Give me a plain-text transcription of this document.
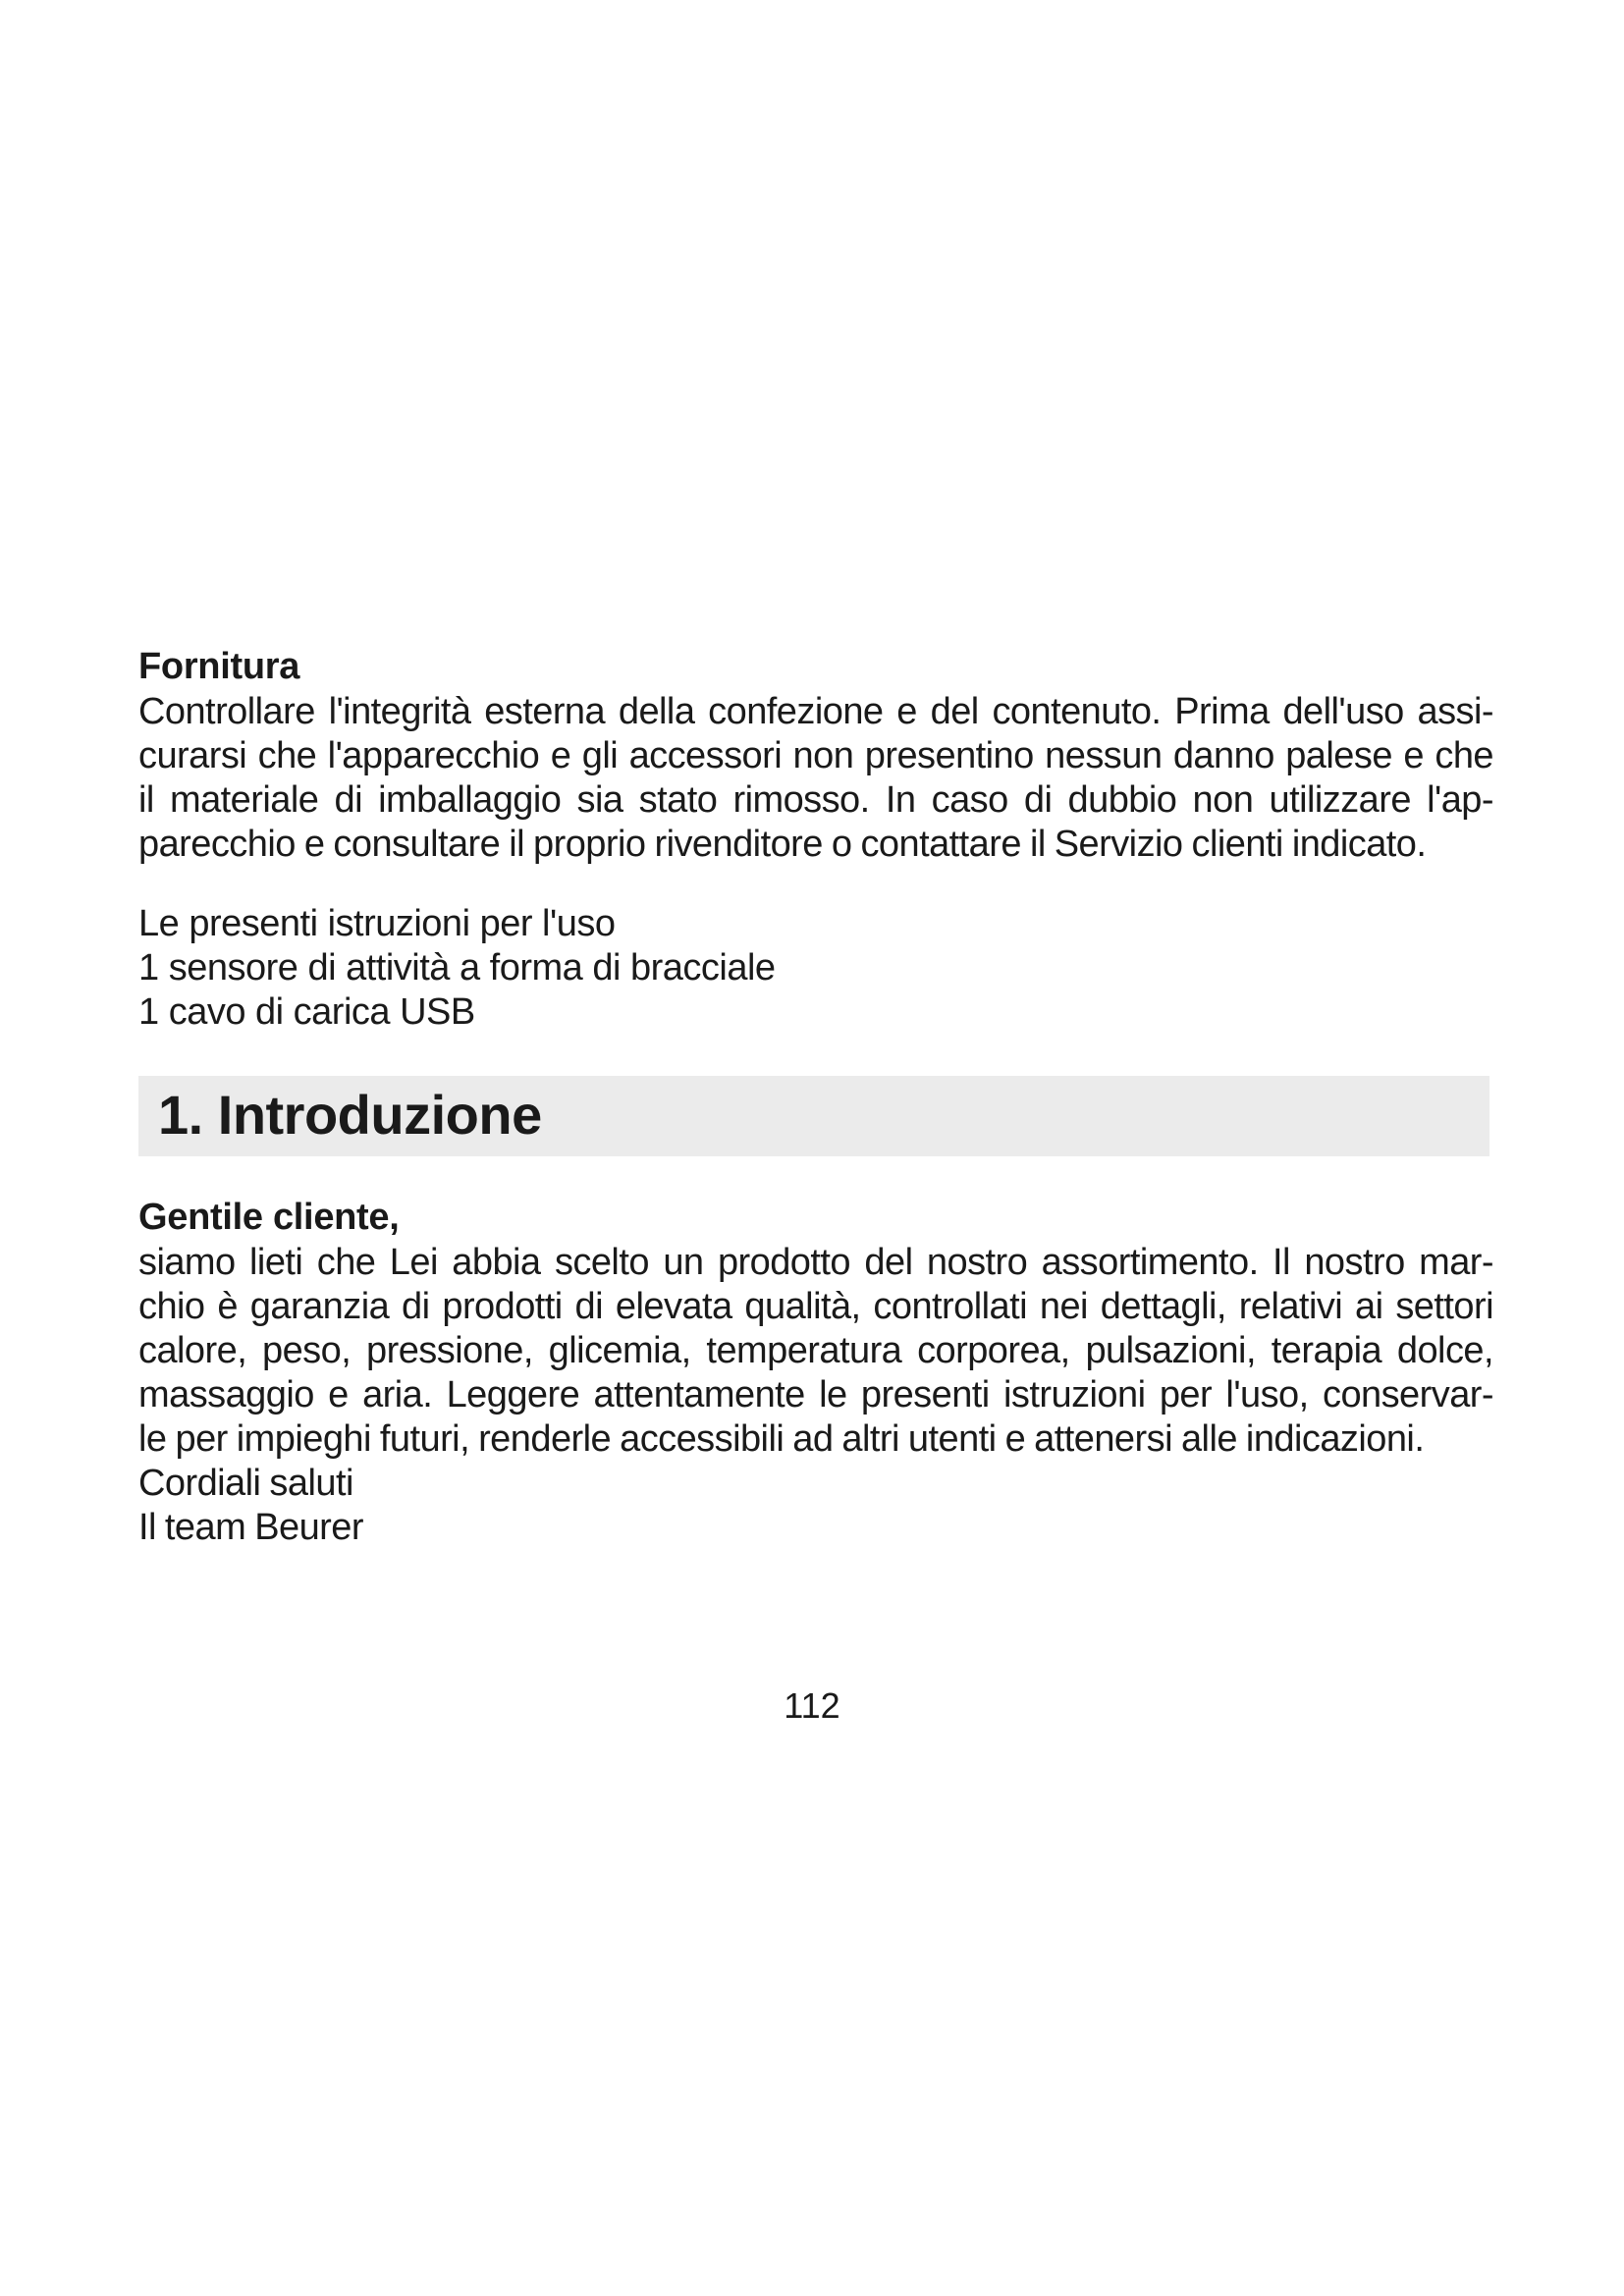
Fornitura

Controllare l'integrità esterna della confezione e del contenuto. Prima dell'uso assi-
curarsi che l'apparecchio e gli accessori non presentino nessun danno palese e che
il materiale di imballaggio sia stato rimosso. In caso di dubbio non utilizzare l'ap-
parecchio e consultare il proprio rivenditore o contattare il Servizio clienti indicato.

Le presenti istruzioni per l'uso
1 sensore di attività a forma di bracciale
1 cavo di carica USB
1. Introduzione
Gentile cliente,

siamo lieti che Lei abbia scelto un prodotto del nostro assortimento. Il nostro mar-
chio è garanzia di prodotti di elevata qualità, controllati nei dettagli, relativi ai settori
calore, peso, pressione, glicemia, temperatura corporea, pulsazioni, terapia dolce,
massaggio e aria. Leggere attentamente le presenti istruzioni per l'uso, conservar-
le per impieghi futuri, renderle accessibili ad altri utenti e attenersi alle indicazioni.
Cordiali saluti
Il team Beurer

112
